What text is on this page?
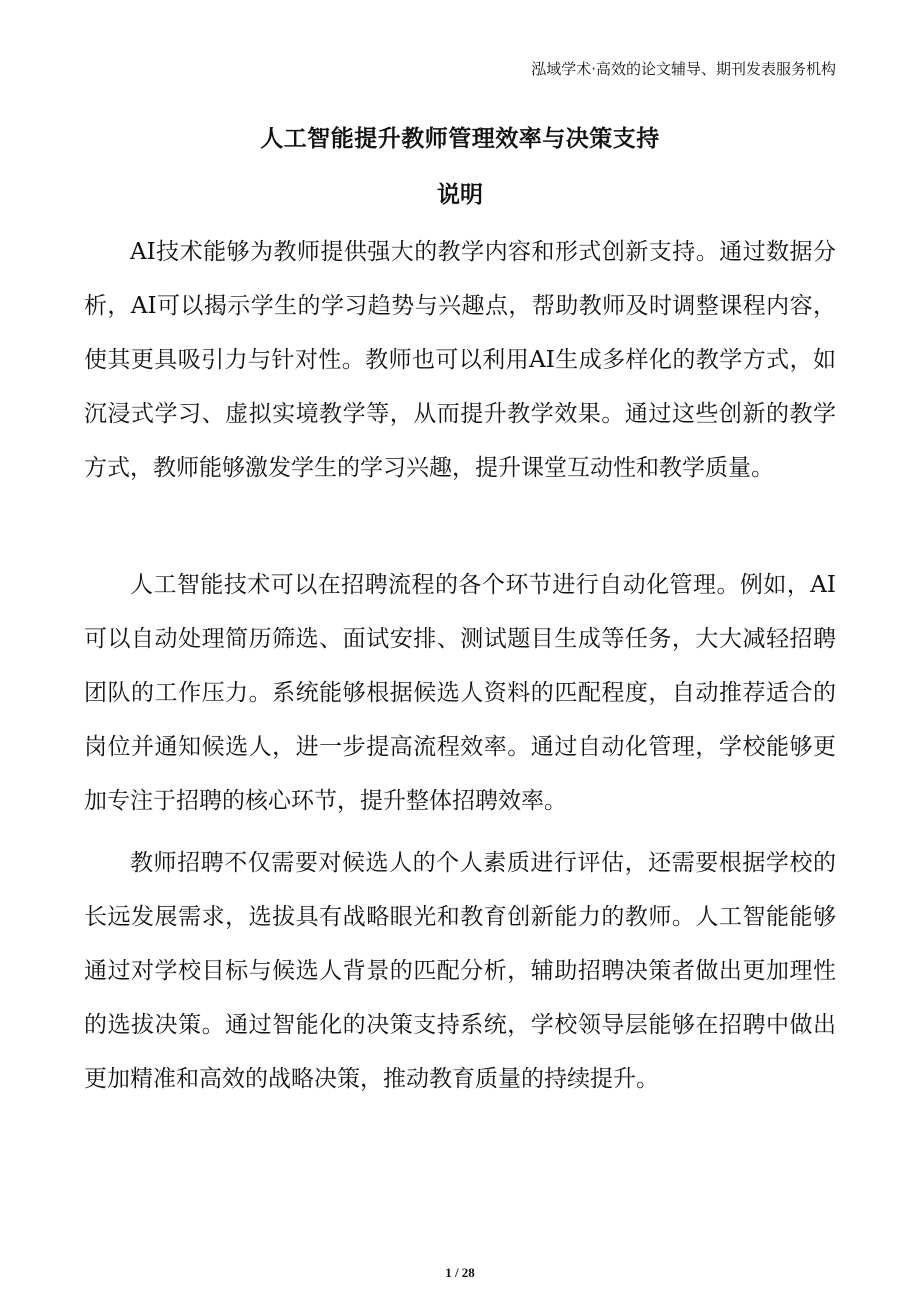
泓域学术·高效的论文辅导、期刊发表服务机构
人工智能提升教师管理效率与决策支持
说明

AI技术能够为教师提供强大的教学内容和形式创新支持。通过数据分析，AI可以揭示学生的学习趋势与兴趣点，帮助教师及时调整课程内容，使其更具吸引力与针对性。教师也可以利用AI生成多样化的教学方式，如沉浸式学习、虚拟实境教学等，从而提升教学效果。通过这些创新的教学方式，教师能够激发学生的学习兴趣，提升课堂互动性和教学质量。

人工智能技术可以在招聘流程的各个环节进行自动化管理。例如，AI可以自动处理简历筛选、面试安排、测试题目生成等任务，大大减轻招聘团队的工作压力。系统能够根据候选人资料的匹配程度，自动推荐适合的岗位并通知候选人，进一步提高流程效率。通过自动化管理，学校能够更加专注于招聘的核心环节，提升整体招聘效率。

教师招聘不仅需要对候选人的个人素质进行评估，还需要根据学校的长远发展需求，选拔具有战略眼光和教育创新能力的教师。人工智能能够通过对学校目标与候选人背景的匹配分析，辅助招聘决策者做出更加理性的选拔决策。通过智能化的决策支持系统，学校领导层能够在招聘中做出更加精准和高效的战略决策，推动教育质量的持续提升。

1 / 28
